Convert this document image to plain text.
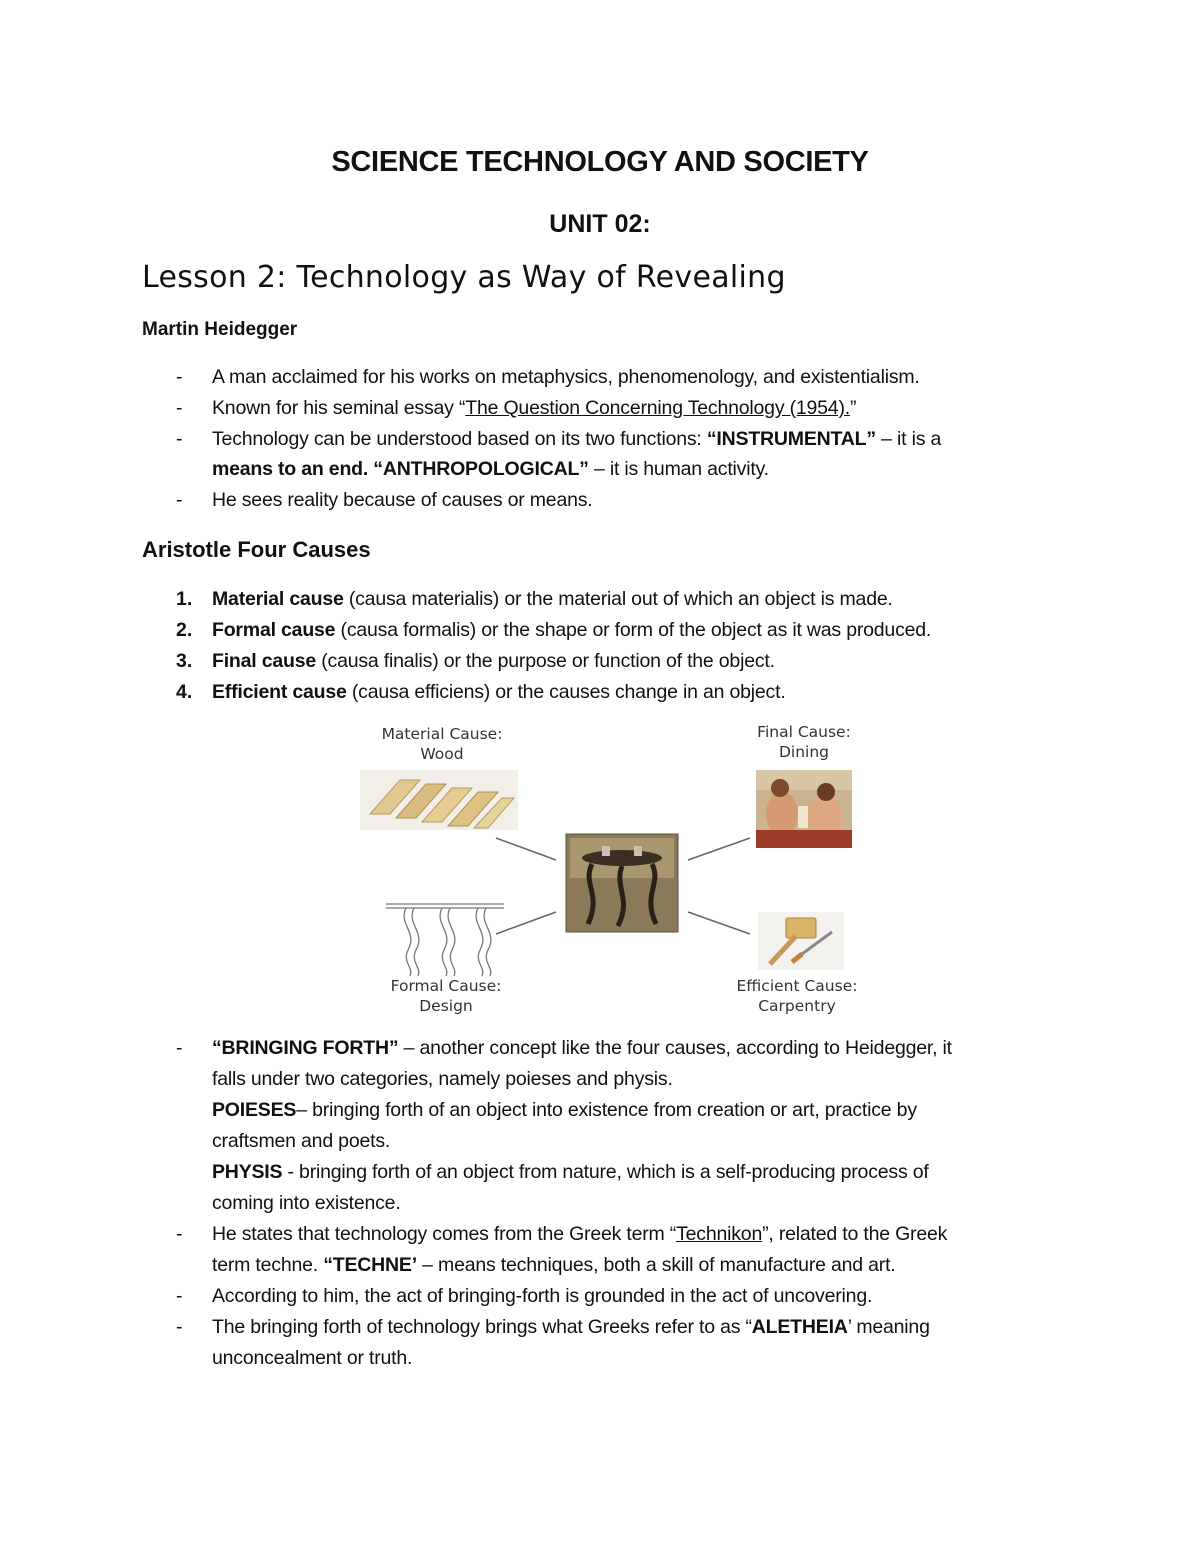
SCIENCE TECHNOLOGY AND SOCIETY
UNIT 02:
Lesson 2: Technology as Way of Revealing
Martin Heidegger
- A man acclaimed for his works on metaphysics, phenomenology, and existentialism.
- Known for his seminal essay “The Question Concerning Technology (1954).”
- Technology can be understood based on its two functions: “INSTRUMENTAL” – it is a
means to an end. “ANTHROPOLOGICAL” – it is human activity.
- He sees reality because of causes or means.
Aristotle Four Causes
1. Material cause (causa materialis) or the material out of which an object is made.
2. Formal cause (causa formalis) or the shape or form of the object as it was produced.
3. Final cause (causa finalis) or the purpose or function of the object.
4. Efficient cause (causa efficiens) or the causes change in an object.
Material Cause:
Wood
Final Cause:
Dining
Formal Cause:
Design
Efficient Cause:
Carpentry
- “BRINGING FORTH” – another concept like the four causes, according to Heidegger, it
falls under two categories, namely poieses and physis.
POIESES– bringing forth of an object into existence from creation or art, practice by
craftsmen and poets.
PHYSIS - bringing forth of an object from nature, which is a self-producing process of
coming into existence.
- He states that technology comes from the Greek term “Technikon”, related to the Greek
term techne. “TECHNE’ – means techniques, both a skill of manufacture and art.
- According to him, the act of bringing-forth is grounded in the act of uncovering.
- The bringing forth of technology brings what Greeks refer to as “ALETHEIA’ meaning
unconcealment or truth.
